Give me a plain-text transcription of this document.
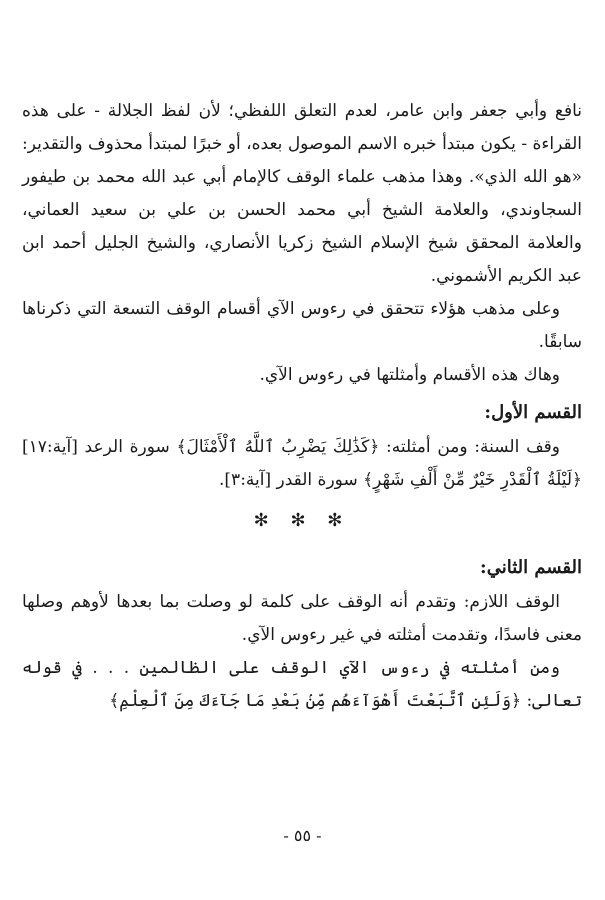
نافع وأبي جعفر وابن عامر، لعدم التعلق اللفظي؛ لأن لفظ الجلالة - على هذه القراءة - يكون مبتدأ خبره الاسم الموصول بعده، أو خبرًا لمبتدأ محذوف والتقدير: «هو الله الذي». وهذا مذهب علماء الوقف كالإمام أبي عبد الله محمد بن طيفور السجاوندي، والعلامة الشيخ أبي محمد الحسن بن علي بن سعيد العماني، والعلامة المحقق شيخ الإسلام الشيخ زكريا الأنصاري، والشيخ الجليل أحمد ابن عبد الكريم الأشموني.

وعلى مذهب هؤلاء تتحقق في رءوس الآي أقسام الوقف التسعة التي ذكرناها سابقًا.

وهاك هذه الأقسام وأمثلتها في رءوس الآي.

القسم الأول:

وقف السنة: ومن أمثلته: ﴿كَذَٰلِكَ يَضْرِبُ ٱللَّهُ ٱلْأَمْثَالَ﴾ سورة الرعد [آية:١٧] ﴿لَيْلَةُ ٱلْقَدْرِ خَيْرٌ مِّنْ أَلْفِ شَهْرٍ﴾ سورة القدر [آية:٣].

✻ ✻ ✻

القسم الثاني:

الوقف اللازم: وتقدم أنه الوقف على كلمة لو وصلت بما بعدها لأوهم وصلها معنى فاسدًا، وتقدمت أمثلته في غير رءوس الآي.

ومن أمثلته في رءوس الآي الوقف على الظالمين . . . في قوله تعالى: ﴿وَلَئِنِ ٱتَّبَعْتَ أَهْوَآءَهُم مِّنۢ بَعْدِ مَا جَآءَكَ مِنَ ٱلْعِلْمِ﴾

- ٥٥ -
